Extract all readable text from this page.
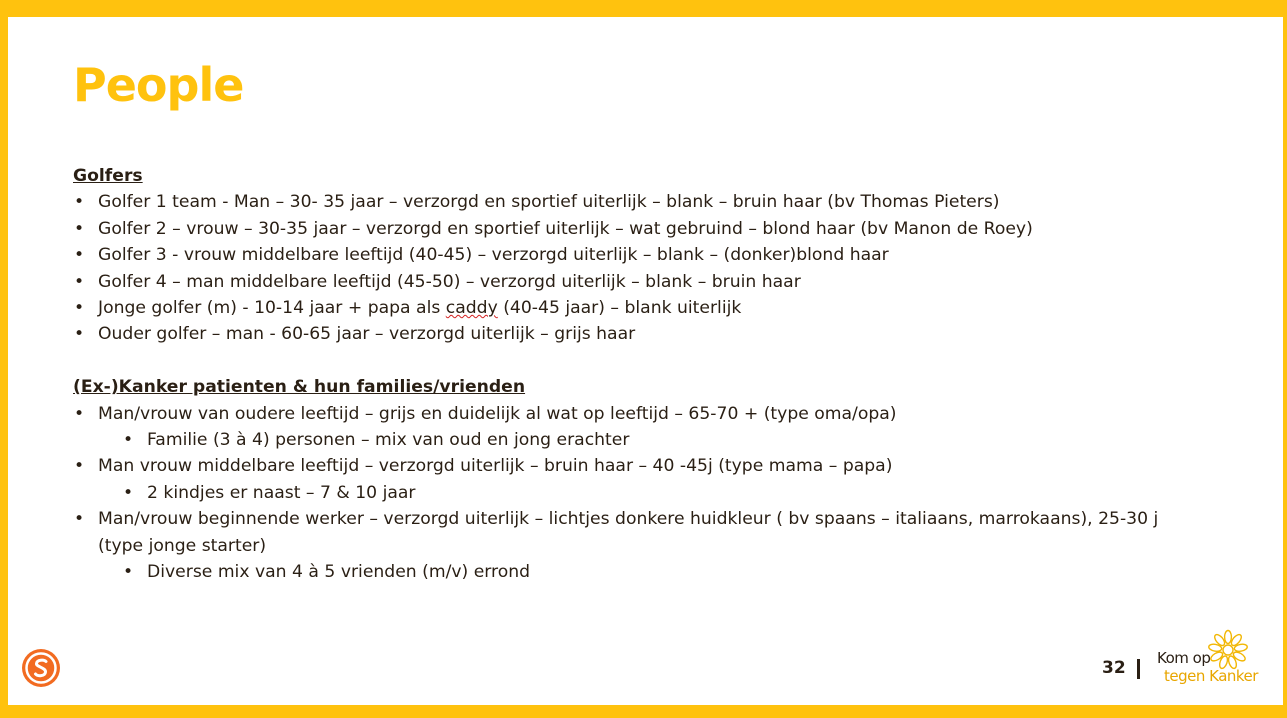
People
Golfers
• Golfer 1 team - Man – 30- 35 jaar – verzorgd en sportief uiterlijk – blank – bruin haar (bv Thomas Pieters)
• Golfer 2 – vrouw – 30-35 jaar – verzorgd en sportief uiterlijk – wat gebruind – blond haar (bv Manon de Roey)
• Golfer 3 - vrouw middelbare leeftijd (40-45) – verzorgd uiterlijk – blank – (donker)blond haar
• Golfer 4 – man middelbare leeftijd (45-50) – verzorgd uiterlijk – blank – bruin haar
• Jonge golfer (m) - 10-14 jaar + papa als caddy (40-45 jaar) – blank uiterlijk
• Ouder golfer – man - 60-65 jaar – verzorgd uiterlijk – grijs haar
(Ex-)Kanker patienten & hun families/vrienden
• Man/vrouw van oudere leeftijd – grijs en duidelijk al wat op leeftijd – 65-70 + (type oma/opa)
• Familie (3 à 4) personen – mix van oud en jong erachter
• Man vrouw middelbare leeftijd – verzorgd uiterlijk – bruin haar – 40 -45j (type mama – papa)
• 2 kindjes er naast – 7 & 10 jaar
• Man/vrouw beginnende werker – verzorgd uiterlijk – lichtjes donkere huidkleur ( bv spaans – italiaans, marrokaans), 25-30 j (type jonge starter)
• Diverse mix van 4 à 5 vrienden (m/v) errond
32 Kom op
tegen Kanker
